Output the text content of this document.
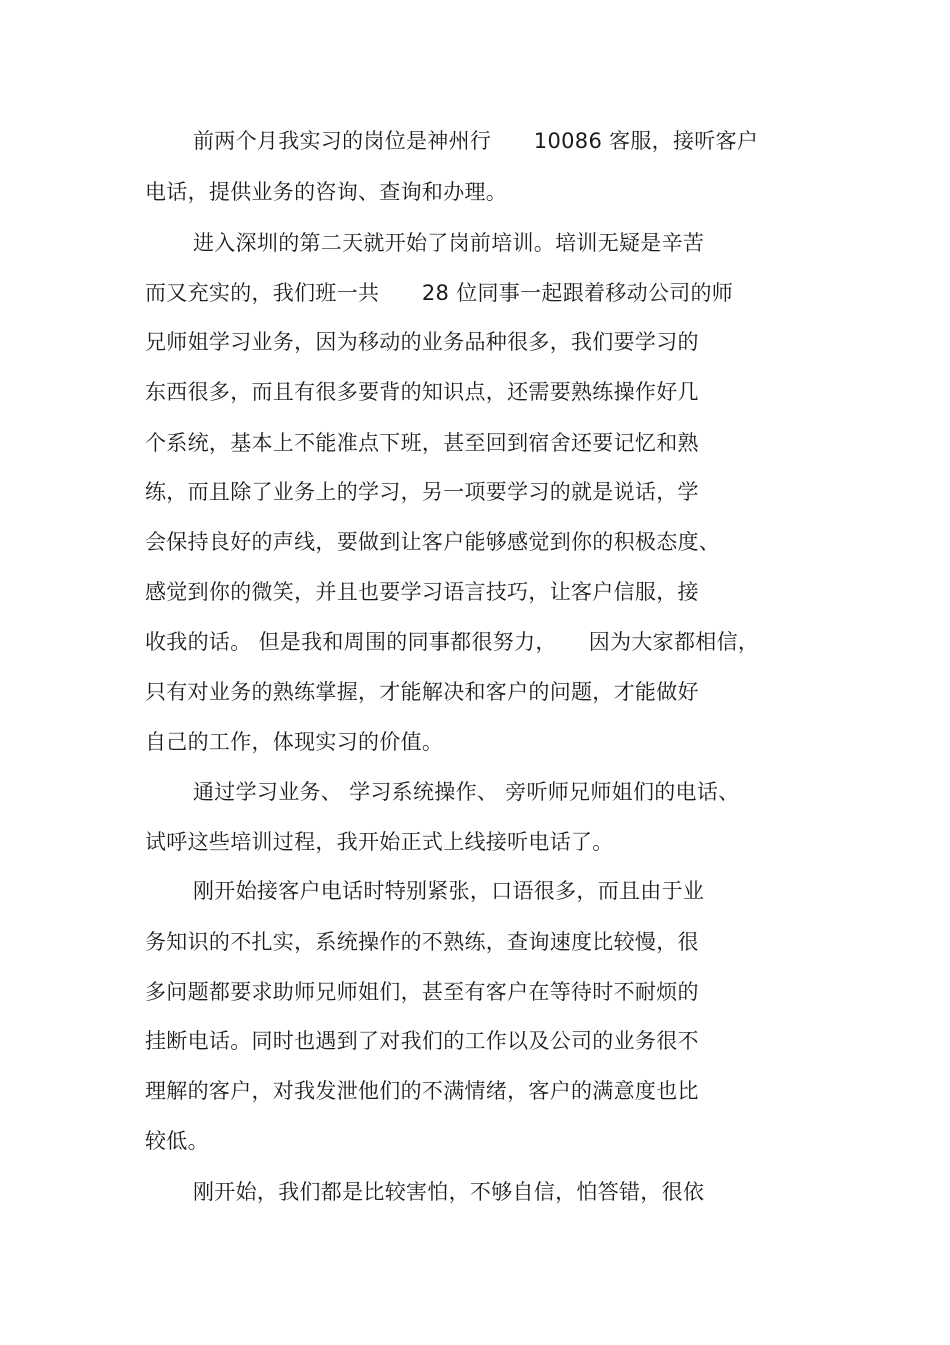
前两个月我实习的岗位是神州行　　10086 客服，接听客户
电话，提供业务的咨询、查询和办理。
进入深圳的第二天就开始了岗前培训。培训无疑是辛苦
而又充实的，我们班一共　　28 位同事一起跟着移动公司的师
兄师姐学习业务，因为移动的业务品种很多，我们要学习的
东西很多，而且有很多要背的知识点，还需要熟练操作好几
个系统，基本上不能准点下班，甚至回到宿舍还要记忆和熟
练，而且除了业务上的学习，另一项要学习的就是说话，学
会保持良好的声线，要做到让客户能够感觉到你的积极态度、
感觉到你的微笑，并且也要学习语言技巧，让客户信服，接
收我的话。 但是我和周围的同事都很努力，　　因为大家都相信，
只有对业务的熟练掌握，才能解决和客户的问题，才能做好
自己的工作，体现实习的价值。
通过学习业务、 学习系统操作、 旁听师兄师姐们的电话、
试呼这些培训过程，我开始正式上线接听电话了。
刚开始接客户电话时特别紧张，口语很多，而且由于业
务知识的不扎实，系统操作的不熟练，查询速度比较慢，很
多问题都要求助师兄师姐们，甚至有客户在等待时不耐烦的
挂断电话。同时也遇到了对我们的工作以及公司的业务很不
理解的客户，对我发泄他们的不满情绪，客户的满意度也比
较低。
刚开始，我们都是比较害怕，不够自信，怕答错，很依
